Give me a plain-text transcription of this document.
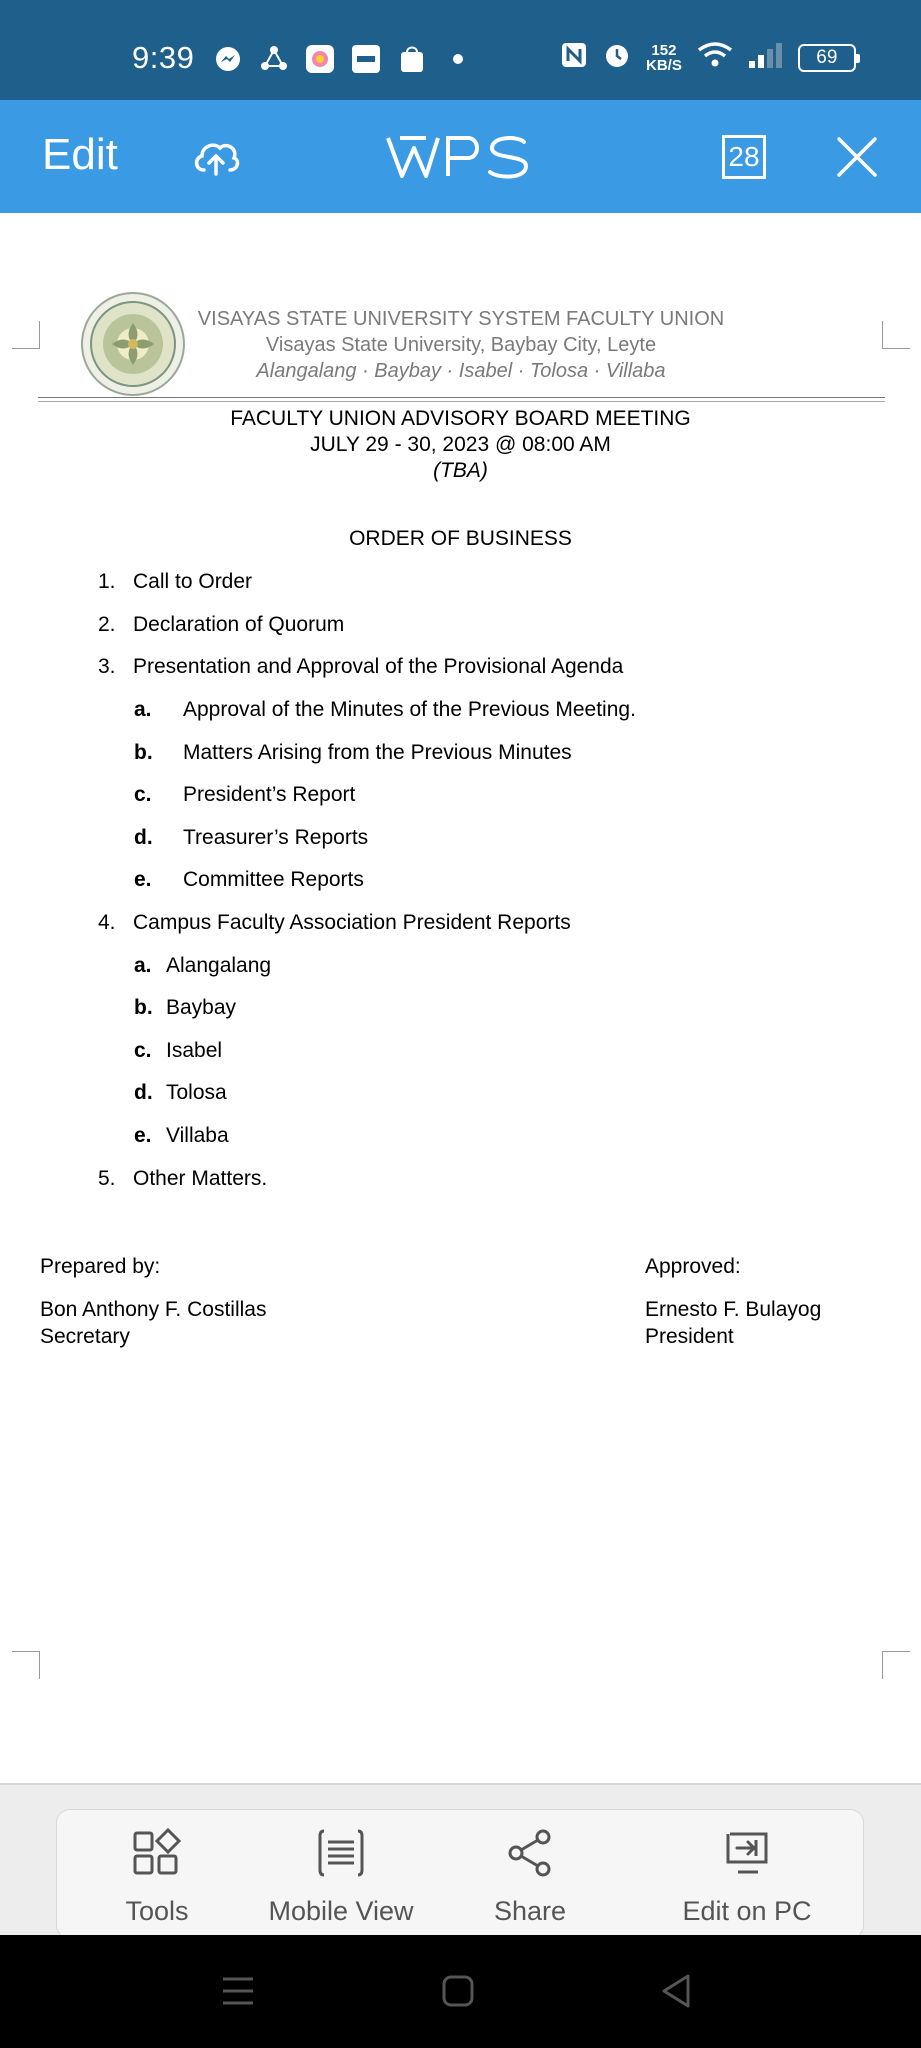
9:39	152
KB/S	69
Edit	28
VISAYAS STATE UNIVERSITY SYSTEM FACULTY UNION
Visayas State University, Baybay City, Leyte
Alangalang · Baybay · Isabel · Tolosa · Villaba
FACULTY UNION ADVISORY BOARD MEETING
JULY 29 - 30, 2023 @ 08:00 AM
(TBA)
ORDER OF BUSINESS
1. Call to Order
2. Declaration of Quorum
3. Presentation and Approval of the Provisional Agenda
a. Approval of the Minutes of the Previous Meeting.
b. Matters Arising from the Previous Minutes
c. President’s Report
d. Treasurer’s Reports
e. Committee Reports
4. Campus Faculty Association President Reports
a. Alangalang
b. Baybay
c. Isabel
d. Tolosa
e. Villaba
5. Other Matters.
Prepared by:
Bon Anthony F. Costillas
Secretary
Approved:
Ernesto F. Bulayog
President
Tools	Mobile View	Share	Edit on PC
